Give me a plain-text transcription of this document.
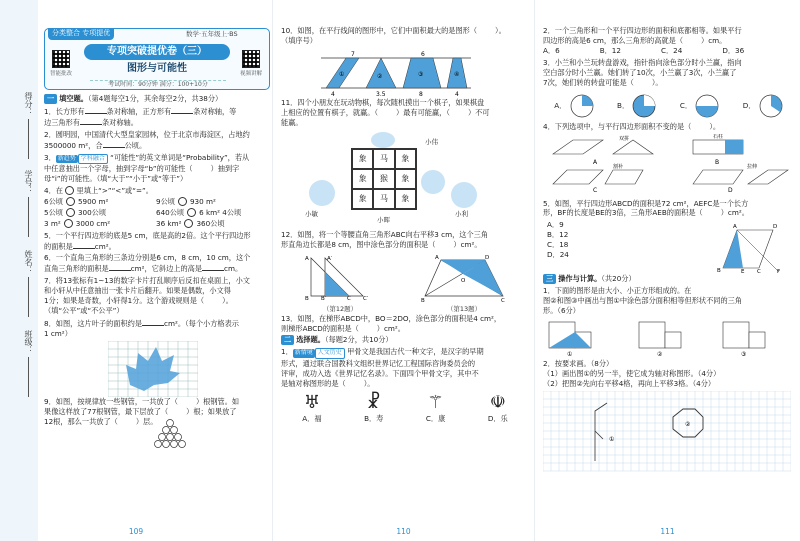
得分：
学号：
姓名：
班级：
分类整合 专项提优	数学·五年级上·BS
智能批改	视频讲解
专项突破提优卷（三）
图形与可能性
考试时间：90分钟 满分：100+10分
一 填空题。（第4题每空1分，其余每空2分，共38分）
1．长方形有	条对称轴，正方形有	条对称轴，等
边三角形有	条对称轴。
2．圆明园，中国清代大型皇家园林，位于北京市海淀区，占地约
3500000 m²，合	公顷。
3． 新趋势 学科融合 “可能性”的英文单词是“Probability”，若从
中任意抽出一个字母，抽到字母“b”的可能性（	）抽到字
母“i”的可能性。（填“大于”“小于”或“等于”）
4．在 里填上“>”“<”或“=”。
6公顷 5900 m²	9公顷 930 m²
5公顷 300公顷	640公顷 6 km² 4公顷
3 m² 3000 cm²	36 km² 360公顷
5．一个平行四边形的底是5 cm，底是高的2倍。这个平行四边形
的面积是	cm²。
6．一个直角三角形的三条边分别是6 cm，8 cm，10 cm，这个
直角三角形的面积是	cm²，它斜边上的高是	cm。
7．将13张标有1~13的数字卡片打乱顺序后反扣在桌面上，小文
和小轩从中任意抽出一张卡片后翻开。如果是偶数，小文得
1分；如果是奇数，小轩得1分。这个游戏规则是（	）。
（填“公平”或“不公平”）
8．如图，这片叶子的面积约是	cm²。（每个小方格表示
1 cm²）
9．如图，按规律放一些钢管，一共放了（	）根钢管。如
果像这样放了77根钢管，最下层放了（	）根；如果放了
12根，那么一共放了（	）层。
109
10．如图，在平行线间的图形中，它们中面积最大的是图形（	）。
（填序号）
7	6
4	3.5	8	4
①	②	③	④
11．四个小朋友在玩动物棋，每次随机摸出一个棋子，如果棋盘
上相应的位置有棋子，就赢。（	）最有可能赢，（	）不可
能赢。
象	马	象
象	猴	象
象	马	象
小敏
小伟
小利
小晖
12．如图，将一个等腰直角三角形ABC向右平移3 cm，这个三角
形直角边长都是8 cm，图中涂色部分的面积是（	）cm²。
A
B	C
A′
B′	C′
（第12题）
A	D
B	C
O
（第13题）
13．如图，在梯形ABCD中，BO＝2DO，涂色部分的面积是4 cm²，
则梯形ABCD的面积是（	）cm²。
二 选择题。（每题2分，共10分）
1． 新情境 人文历史 甲骨文是我国古代一种文字，是汉字的早期
形式，通过联合国教科文组织世界记忆工程国际咨询委员会的
评审，成功入选《世界记忆名录》。下面四个甲骨文字，其中不
是轴对称图形的是（	）。
♅
A．福
☧
B．寿
⚚
C．康
☫
D．乐
110
2．一个三角形和一个平行四边形的面积和底都相等。如果平行
四边形的高是6 cm，那么三角形的高就是（	）cm。
A．6	B．12	C．24	D．36
3．小兰和小兰玩转盘游戏，指针指向涂色部分时小兰赢，指向
空白部分时小兰赢。她们转了10次，小兰赢了3次，小兰赢了
7次，她们转的转盘可能是（	）。
A．	B．	C．	D．
4．下列选项中，与平行四边形面积不变的是（	）。
双拼
A
石柱
B
割补
C
拉伸
D
5．如图，平行四边形ABCD的面积是72 cm²，AEFC是一个长方
形，BF的长度是BE的3倍，三角形AEB的面积是（	）cm²。
A．9
B．12
C．18
D．24
A	D
B	E C	F
三 操作与计算。（共20分）
1．下面的图形是由大小、小正方形组成的。在
图②和图③中画出与图①中涂色部分面积相等但形状不同的三角
形。（6分）
①	②	③
2．按要求画。（8分）
（1）画出图①的另一半，使它成为轴对称图形。（4分）
（2）把图②先向右平移4格，再向上平移3格。（4分）
①
②
111
